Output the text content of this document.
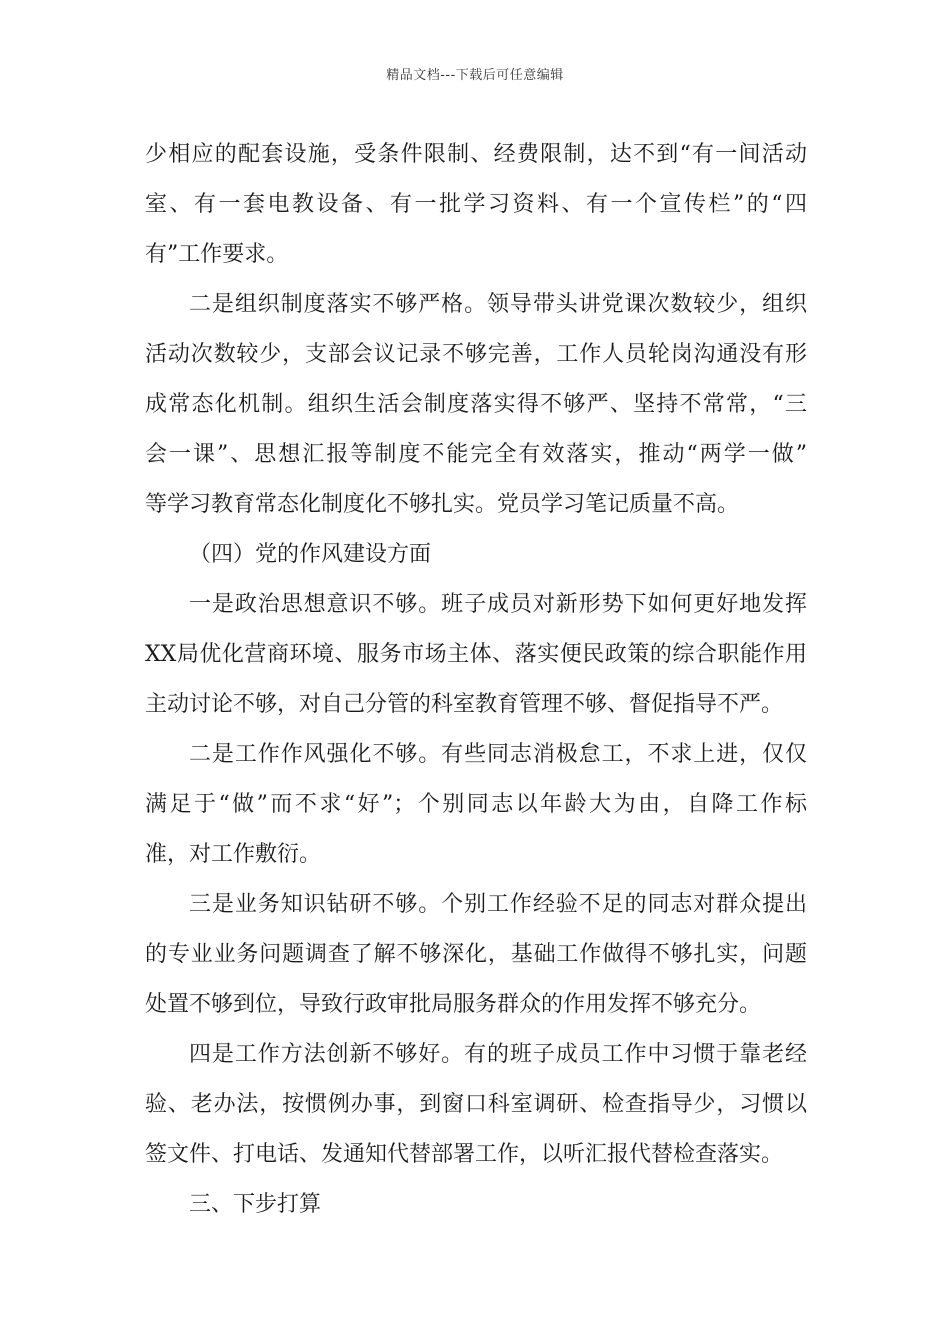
精品文档---下载后可任意编辑
少相应的配套设施，受条件限制、经费限制，达不到“有一间活动
室、有一套电教设备、有一批学习资料、有一个宣传栏”的“四
有”工作要求。
二是组织制度落实不够严格。领导带头讲党课次数较少，组织
活动次数较少，支部会议记录不够完善，工作人员轮岗沟通没有形
成常态化机制。组织生活会制度落实得不够严、坚持不常常，“三
会一课”、思想汇报等制度不能完全有效落实，推动“两学一做”
等学习教育常态化制度化不够扎实。党员学习笔记质量不高。
（四）党的作风建设方面
一是政治思想意识不够。班子成员对新形势下如何更好地发挥
XX局优化营商环境、服务市场主体、落实便民政策的综合职能作用
主动讨论不够，对自己分管的科室教育管理不够、督促指导不严。
二是工作作风强化不够。有些同志消极怠工，不求上进，仅仅
满足于“做”而不求“好”；个别同志以年龄大为由，自降工作标
准，对工作敷衍。
三是业务知识钻研不够。个别工作经验不足的同志对群众提出
的专业业务问题调查了解不够深化，基础工作做得不够扎实，问题
处置不够到位，导致行政审批局服务群众的作用发挥不够充分。
四是工作方法创新不够好。有的班子成员工作中习惯于靠老经
验、老办法，按惯例办事，到窗口科室调研、检查指导少，习惯以
签文件、打电话、发通知代替部署工作，以听汇报代替检查落实。
三、下步打算
